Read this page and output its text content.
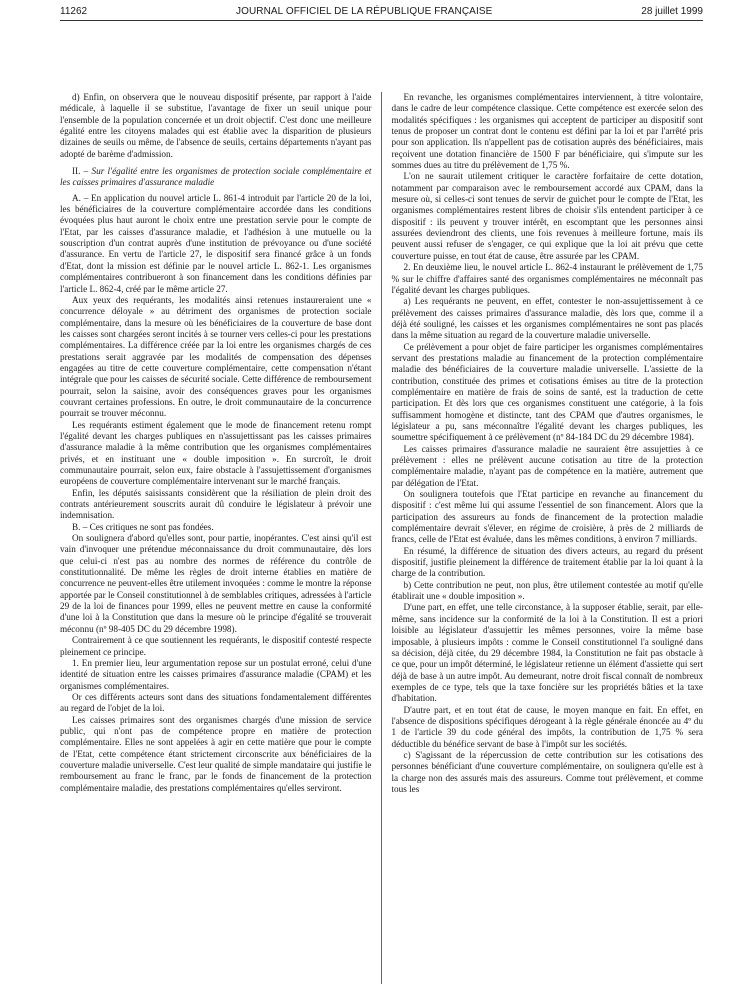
11262	JOURNAL OFFICIEL DE LA RÉPUBLIQUE FRANÇAISE	28 juillet 1999

d) Enfin, on observera que le nouveau dispositif présente, par rapport à l'aide médicale, à laquelle il se substitue, l'avantage de fixer un seuil unique pour l'ensemble de la population concernée et un droit objectif. C'est donc une meilleure égalité entre les citoyens malades qui est établie avec la disparition de plusieurs dizaines de seuils ou même, de l'absence de seuils, certains départements n'ayant pas adopté de barème d'admission.

II. – Sur l'égalité entre les organismes de protection sociale complémentaire et les caisses primaires d'assurance maladie

A. – En application du nouvel article L. 861-4 introduit par l'article 20 de la loi, les bénéficiaires de la couverture complémentaire accordée dans les conditions évoquées plus haut auront le choix entre une prestation servie pour le compte de l'Etat, par les caisses d'assurance maladie, et l'adhésion à une mutuelle ou la souscription d'un contrat auprès d'une institution de prévoyance ou d'une société d'assurance. En vertu de l'article 27, le dispositif sera financé grâce à un fonds d'Etat, dont la mission est définie par le nouvel article L. 862-1. Les organismes complémentaires contribueront à son financement dans les conditions définies par l'article L. 862-4, créé par le même article 27.

Aux yeux des requérants, les modalités ainsi retenues instaureraient une « concurrence déloyale » au détriment des organismes de protection sociale complémentaire, dans la mesure où les bénéficiaires de la couverture de base dont les caisses sont chargées seront incités à se tourner vers celles-ci pour les prestations complémentaires. La différence créée par la loi entre les organismes chargés de ces prestations serait aggravée par les modalités de compensation des dépenses engagées au titre de cette couverture complémentaire, cette compensation n'étant intégrale que pour les caisses de sécurité sociale. Cette différence de remboursement pourrait, selon la saisine, avoir des conséquences graves pour les organismes couvrant certaines professions. En outre, le droit communautaire de la concurrence pourrait se trouver méconnu.

Les requérants estiment également que le mode de financement retenu rompt l'égalité devant les charges publiques en n'assujettissant pas les caisses primaires d'assurance maladie à la même contribution que les organismes complémentaires privés, et en instituant une « double imposition ». En surcroît, le droit communautaire pourrait, selon eux, faire obstacle à l'assujettissement d'organismes européens de couverture complémentaire intervenant sur le marché français.

Enfin, les députés saisissants considèrent que la résiliation de plein droit des contrats antérieurement souscrits aurait dû conduire le législateur à prévoir une indemnisation.

B. – Ces critiques ne sont pas fondées.

On soulignera d'abord qu'elles sont, pour partie, inopérantes. C'est ainsi qu'il est vain d'invoquer une prétendue méconnaissance du droit communautaire, dès lors que celui-ci n'est pas au nombre des normes de référence du contrôle de constitutionnalité. De même les règles de droit interne établies en matière de concurrence ne peuvent-elles être utilement invoquées : comme le montre la réponse apportée par le Conseil constitutionnel à de semblables critiques, adressées à l'article 29 de la loi de finances pour 1999, elles ne peuvent mettre en cause la conformité d'une loi à la Constitution que dans la mesure où le principe d'égalité se trouverait méconnu (nº 98-405 DC du 29 décembre 1998).

Contrairement à ce que soutiennent les requérants, le dispositif contesté respecte pleinement ce principe.

1. En premier lieu, leur argumentation repose sur un postulat erroné, celui d'une identité de situation entre les caisses primaires d'assurance maladie (CPAM) et les organismes complémentaires.

Or ces différents acteurs sont dans des situations fondamentalement différentes au regard de l'objet de la loi.

Les caisses primaires sont des organismes chargés d'une mission de service public, qui n'ont pas de compétence propre en matière de protection complémentaire. Elles ne sont appelées à agir en cette matière que pour le compte de l'Etat, cette compétence étant strictement circonscrite aux bénéficiaires de la couverture maladie universelle. C'est leur qualité de simple mandataire qui justifie le remboursement au franc le franc, par le fonds de financement de la protection complémentaire maladie, des prestations complémentaires qu'elles serviront.

En revanche, les organismes complémentaires interviennent, à titre volontaire, dans le cadre de leur compétence classique. Cette compétence est exercée selon des modalités spécifiques : les organismes qui acceptent de participer au dispositif sont tenus de proposer un contrat dont le contenu est défini par la loi et par l'arrêté pris pour son application. Ils n'appellent pas de cotisation auprès des bénéficiaires, mais reçoivent une dotation financière de 1500 F par bénéficiaire, qui s'impute sur les sommes dues au titre du prélèvement de 1,75 %.

L'on ne saurait utilement critiquer le caractère forfaitaire de cette dotation, notamment par comparaison avec le remboursement accordé aux CPAM, dans la mesure où, si celles-ci sont tenues de servir de guichet pour le compte de l'Etat, les organismes complémentaires restent libres de choisir s'ils entendent participer à ce dispositif : ils peuvent y trouver intérêt, en escomptant que les personnes ainsi assurées deviendront des clients, une fois revenues à meilleure fortune, mais ils peuvent aussi refuser de s'engager, ce qui explique que la loi ait prévu que cette couverture puisse, en tout état de cause, être assurée par les CPAM.

2. En deuxième lieu, le nouvel article L. 862-4 instaurant le prélèvement de 1,75 % sur le chiffre d'affaires santé des organismes complémentaires ne méconnaît pas l'égalité devant les charges publiques.

a) Les requérants ne peuvent, en effet, contester le non-assujettissement à ce prélèvement des caisses primaires d'assurance maladie, dès lors que, comme il a déjà été souligné, les caisses et les organismes complémentaires ne sont pas placés dans la même situation au regard de la couverture maladie universelle.

Ce prélèvement a pour objet de faire participer les organismes complémentaires servant des prestations maladie au financement de la protection complémentaire maladie des bénéficiaires de la couverture maladie universelle. L'assiette de la contribution, constituée des primes et cotisations émises au titre de la protection complémentaire en matière de frais de soins de santé, est la traduction de cette participation. Et dès lors que ces organismes constituent une catégorie, à la fois suffisamment homogène et distincte, tant des CPAM que d'autres organismes, le législateur a pu, sans méconnaître l'égalité devant les charges publiques, les soumettre spécifiquement à ce prélèvement (nº 84-184 DC du 29 décembre 1984).

Les caisses primaires d'assurance maladie ne sauraient être assujetties à ce prélèvement : elles ne prélèvent aucune cotisation au titre de la protection complémentaire maladie, n'ayant pas de compétence en la matière, autrement que par délégation de l'Etat.

On soulignera toutefois que l'Etat participe en revanche au financement du dispositif : c'est même lui qui assume l'essentiel de son financement. Alors que la participation des assureurs au fonds de financement de la protection maladie complémentaire devrait s'élever, en régime de croisière, à près de 2 milliards de francs, celle de l'Etat est évaluée, dans les mêmes conditions, à environ 7 milliards.

En résumé, la différence de situation des divers acteurs, au regard du présent dispositif, justifie pleinement la différence de traitement établie par la loi quant à la charge de la contribution.

b) Cette contribution ne peut, non plus, être utilement contestée au motif qu'elle établirait une « double imposition ».

D'une part, en effet, une telle circonstance, à la supposer établie, serait, par elle-même, sans incidence sur la conformité de la loi à la Constitution. Il est a priori loisible au législateur d'assujettir les mêmes personnes, voire la même base imposable, à plusieurs impôts : comme le Conseil constitutionnel l'a souligné dans sa décision, déjà citée, du 29 décembre 1984, la Constitution ne fait pas obstacle à ce que, pour un impôt déterminé, le législateur retienne un élément d'assiette qui sert déjà de base à un autre impôt. Au demeurant, notre droit fiscal connaît de nombreux exemples de ce type, tels que la taxe foncière sur les propriétés bâties et la taxe d'habitation.

D'autre part, et en tout état de cause, le moyen manque en fait. En effet, en l'absence de dispositions spécifiques dérogeant à la règle générale énoncée au 4º du 1 de l'article 39 du code général des impôts, la contribution de 1,75 % sera déductible du bénéfice servant de base à l'impôt sur les sociétés.

c) S'agissant de la répercussion de cette contribution sur les cotisations des personnes bénéficiant d'une couverture complémentaire, on soulignera qu'elle est à la charge non des assurés mais des assureurs. Comme tout prélèvement, et comme tous les
